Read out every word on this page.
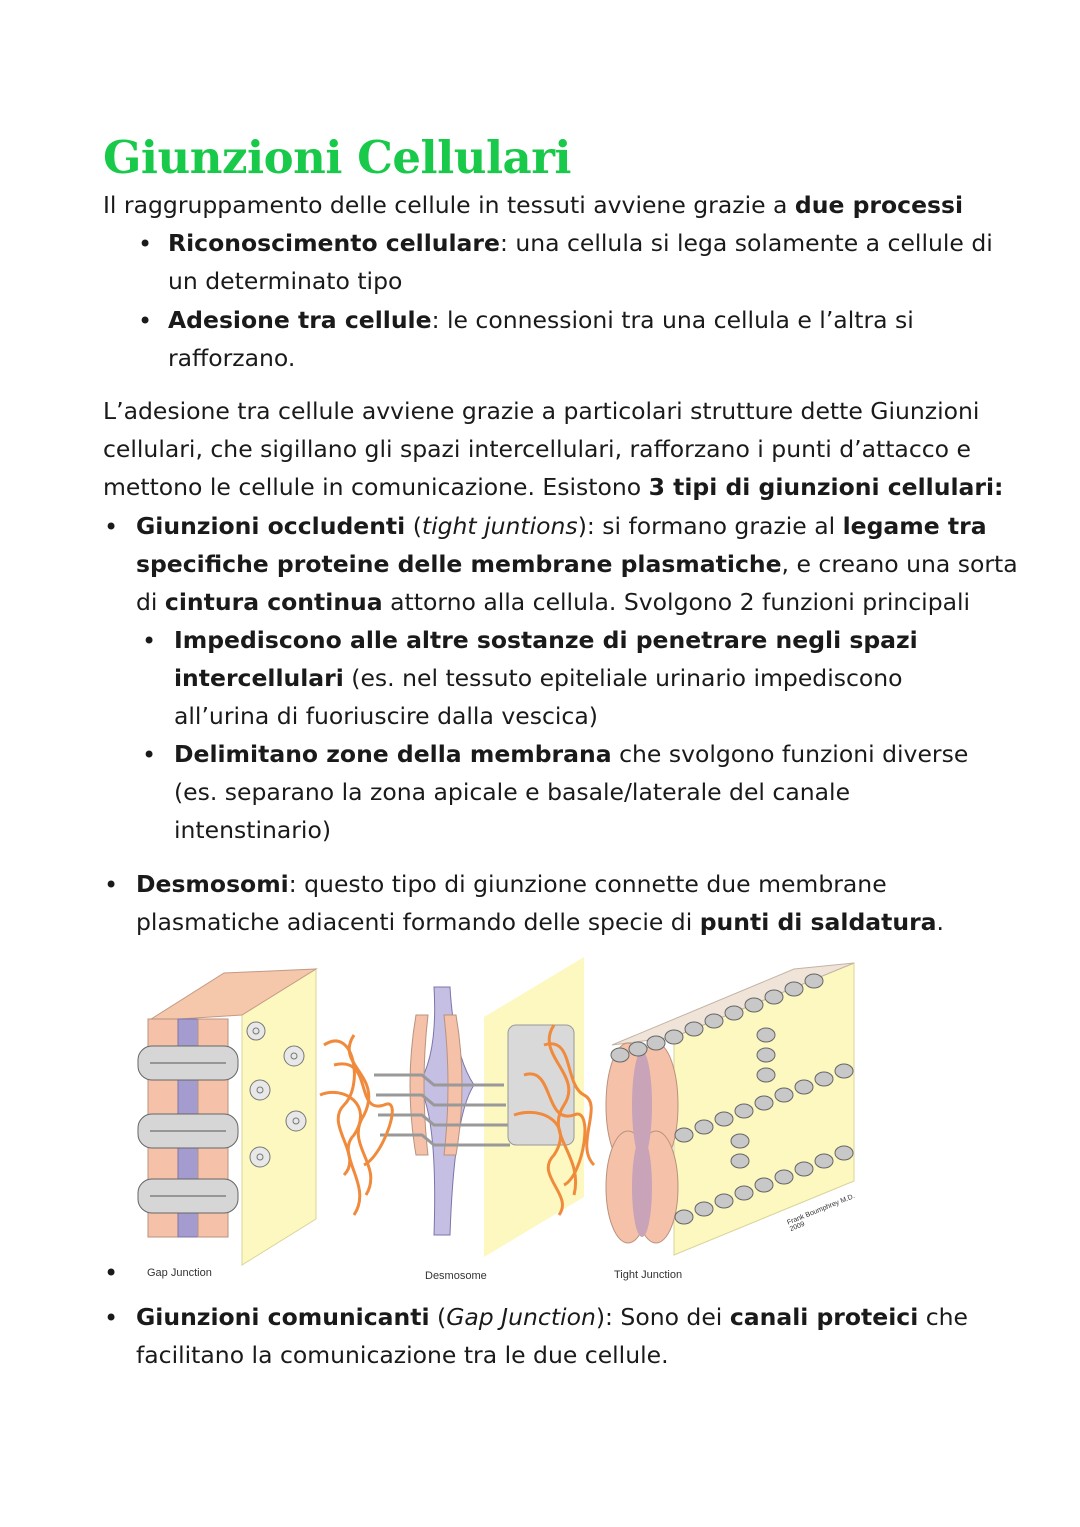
Giunzioni Cellulari

Il raggruppamento delle cellule in tessuti avviene grazie a due processi

• Riconoscimento cellulare: una cellula si lega solamente a cellule di

un determinato tipo

• Adesione tra cellule: le connessioni tra una cellula e l’altra si

rafforzano.

L’adesione tra cellule avviene grazie a particolari strutture dette Giunzioni

cellulari, che sigillano gli spazi intercellulari, rafforzano i punti d’attacco e

mettono le cellule in comunicazione. Esistono 3 tipi di giunzioni cellulari:

• Giunzioni occludenti (tight juntions): si formano grazie al legame tra

specifiche proteine delle membrane plasmatiche, e creano una sorta

di cintura continua attorno alla cellula. Svolgono 2 funzioni principali

• Impediscono alle altre sostanze di penetrare negli spazi

intercellulari (es. nel tessuto epiteliale urinario impediscono

all’urina di fuoriuscire dalla vescica)

• Delimitano zone della membrana che svolgono funzioni diverse

(es. separano la zona apicale e basale/laterale del canale

intenstinario)

• Desmosomi: questo tipo di giunzione connette due membrane

plasmatiche adiacenti formando delle specie di punti di saldatura.

Frank Boumphrey M.D. 2009
•	Gap Junction	Desmosome	Tight Junction
• Giunzioni comunicanti (Gap Junction): Sono dei canali proteici che

facilitano la comunicazione tra le due cellule.
